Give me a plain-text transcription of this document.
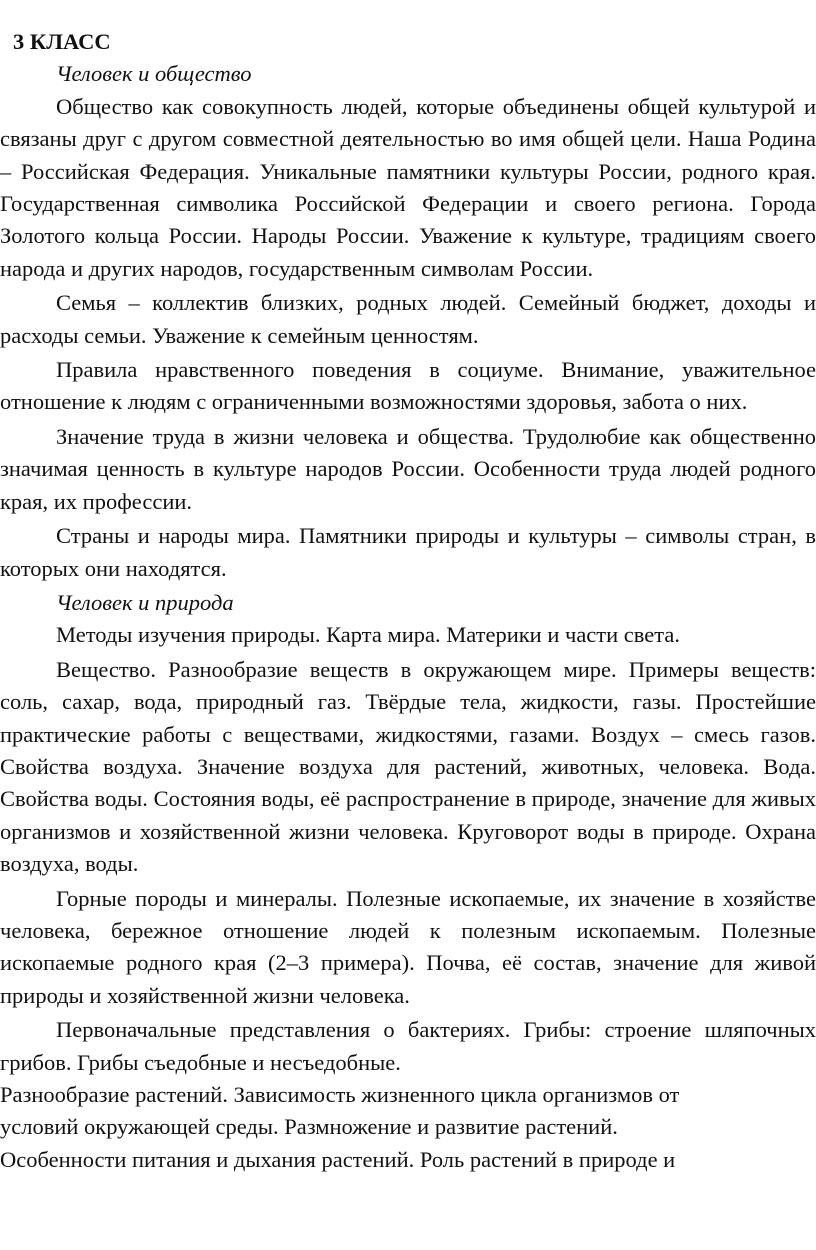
3 КЛАСС

Человек и общество

Общество как совокупность людей, которые объединены общей культурой и связаны друг с другом совместной деятельностью во имя общей цели. Наша Родина – Российская Федерация. Уникальные памятники культуры России, родного края. Государственная символика Российской Федерации и своего региона. Города Золотого кольца России. Народы России. Уважение к культуре, традициям своего народа и других народов, государственным символам России.

Семья – коллектив близких, родных людей. Семейный бюджет, доходы и расходы семьи. Уважение к семейным ценностям.

Правила нравственного поведения в социуме. Внимание, уважительное отношение к людям с ограниченными возможностями здоровья, забота о них.

Значение труда в жизни человека и общества. Трудолюбие как общественно значимая ценность в культуре народов России. Особенности труда людей родного края, их профессии.

Страны и народы мира. Памятники природы и культуры – символы стран, в которых они находятся.

Человек и природа

Методы изучения природы. Карта мира. Материки и части света.

Вещество. Разнообразие веществ в окружающем мире. Примеры веществ: соль, сахар, вода, природный газ. Твёрдые тела, жидкости, газы. Простейшие практические работы с веществами, жидкостями, газами. Воздух – смесь газов. Свойства воздуха. Значение воздуха для растений, животных, человека. Вода. Свойства воды. Состояния воды, её распространение в природе, значение для живых организмов и хозяйственной жизни человека. Круговорот воды в природе. Охрана воздуха, воды.

Горные породы и минералы. Полезные ископаемые, их значение в хозяйстве человека, бережное отношение людей к полезным ископаемым. Полезные ископаемые родного края (2–3 примера). Почва, её состав, значение для живой природы и хозяйственной жизни человека.

Первоначальные представления о бактериях. Грибы: строение шляпочных грибов. Грибы съедобные и несъедобные.

Разнообразие растений. Зависимость жизненного цикла организмов от

условий окружающей среды. Размножение и развитие растений.

Особенности питания и дыхания растений. Роль растений в природе и
